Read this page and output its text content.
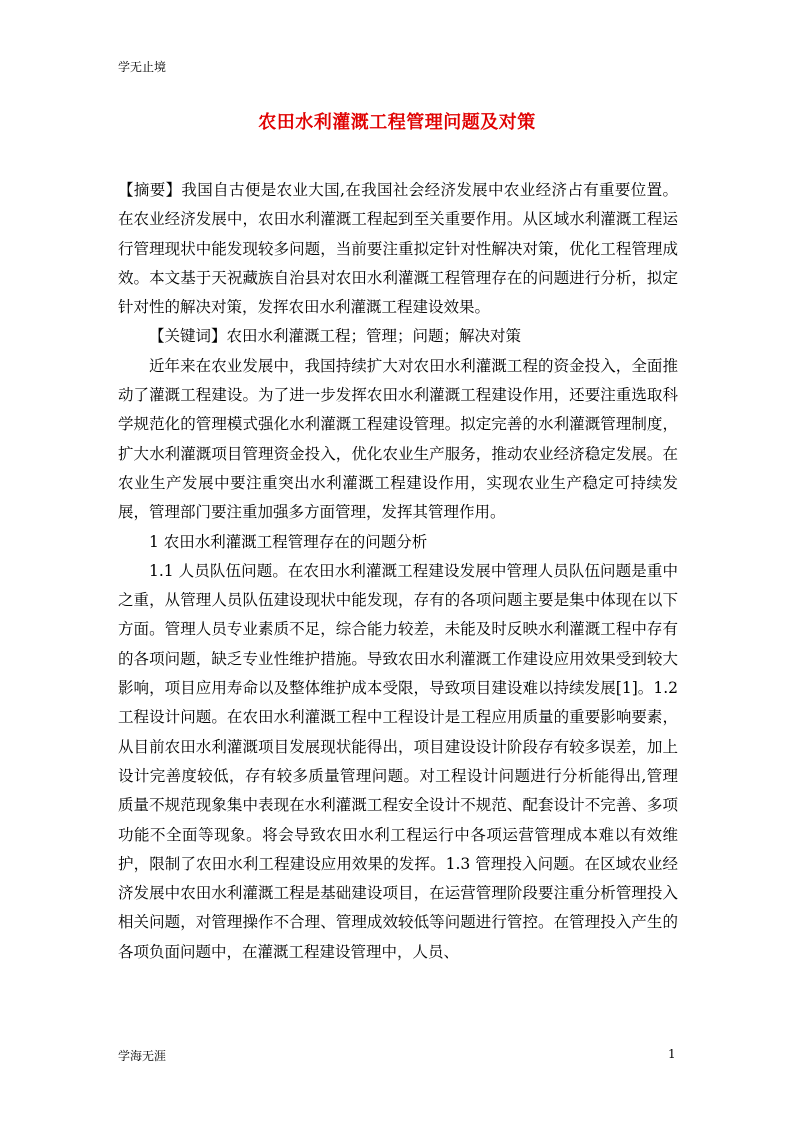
学无止境
农田水利灌溉工程管理问题及对策

【摘要】我国自古便是农业大国,在我国社会经济发展中农业经济占有重要位置。在农业经济发展中，农田水利灌溉工程起到至关重要作用。从区域水利灌溉工程运行管理现状中能发现较多问题，当前要注重拟定针对性解决对策，优化工程管理成效。本文基于天祝藏族自治县对农田水利灌溉工程管理存在的问题进行分析，拟定针对性的解决对策，发挥农田水利灌溉工程建设效果。

【关键词】农田水利灌溉工程；管理；问题；解决对策

近年来在农业发展中，我国持续扩大对农田水利灌溉工程的资金投入，全面推动了灌溉工程建设。为了进一步发挥农田水利灌溉工程建设作用，还要注重选取科学规范化的管理模式强化水利灌溉工程建设管理。拟定完善的水利灌溉管理制度，扩大水利灌溉项目管理资金投入，优化农业生产服务，推动农业经济稳定发展。在农业生产发展中要注重突出水利灌溉工程建设作用，实现农业生产稳定可持续发展，管理部门要注重加强多方面管理，发挥其管理作用。

1 农田水利灌溉工程管理存在的问题分析

1.1 人员队伍问题。在农田水利灌溉工程建设发展中管理人员队伍问题是重中之重，从管理人员队伍建设现状中能发现，存有的各项问题主要是集中体现在以下方面。管理人员专业素质不足，综合能力较差，未能及时反映水利灌溉工程中存有的各项问题，缺乏专业性维护措施。导致农田水利灌溉工作建设应用效果受到较大影响，项目应用寿命以及整体维护成本受限，导致项目建设难以持续发展[1]。1.2 工程设计问题。在农田水利灌溉工程中工程设计是工程应用质量的重要影响要素，从目前农田水利灌溉项目发展现状能得出，项目建设设计阶段存有较多误差，加上设计完善度较低，存有较多质量管理问题。对工程设计问题进行分析能得出,管理质量不规范现象集中表现在水利灌溉工程安全设计不规范、配套设计不完善、多项功能不全面等现象。将会导致农田水利工程运行中各项运营管理成本难以有效维护，限制了农田水利工程建设应用效果的发挥。1.3 管理投入问题。在区域农业经济发展中农田水利灌溉工程是基础建设项目，在运营管理阶段要注重分析管理投入相关问题，对管理操作不合理、管理成效较低等问题进行管控。在管理投入产生的各项负面问题中，在灌溉工程建设管理中，人员、

学海无涯	1
